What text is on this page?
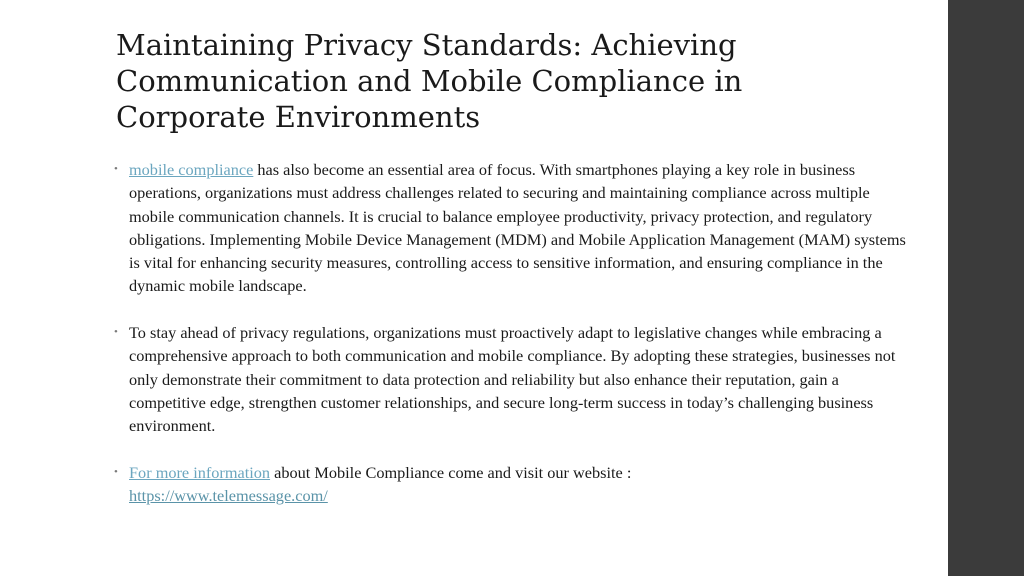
Maintaining Privacy Standards: Achieving Communication and Mobile Compliance in Corporate Environments
• mobile compliance has also become an essential area of focus. With smartphones playing a key role in business operations, organizations must address challenges related to securing and maintaining compliance across multiple mobile communication channels. It is crucial to balance employee productivity, privacy protection, and regulatory obligations. Implementing Mobile Device Management (MDM) and Mobile Application Management (MAM) systems is vital for enhancing security measures, controlling access to sensitive information, and ensuring compliance in the dynamic mobile landscape.
• To stay ahead of privacy regulations, organizations must proactively adapt to legislative changes while embracing a comprehensive approach to both communication and mobile compliance. By adopting these strategies, businesses not only demonstrate their commitment to data protection and reliability but also enhance their reputation, gain a competitive edge, strengthen customer relationships, and secure long-term success in today’s challenging business environment.
• For more information about Mobile Compliance come and visit our website :
https://www.telemessage.com/
